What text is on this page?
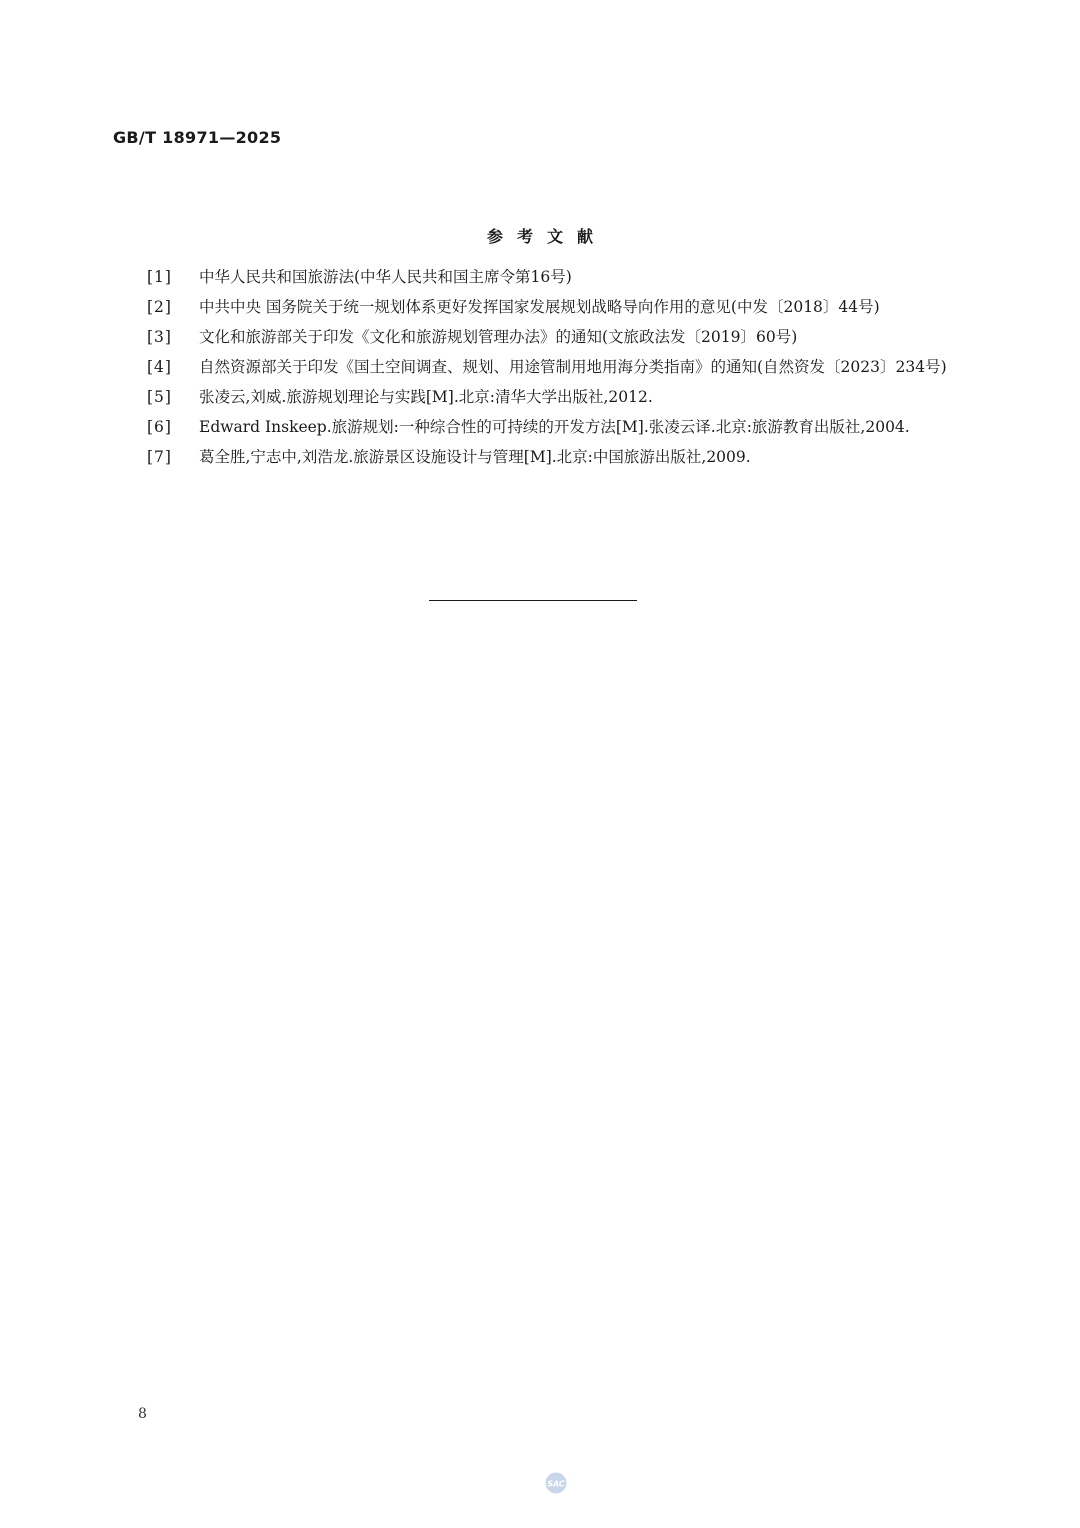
GB/T 18971—2025
参考文献
[1] 中华人民共和国旅游法(中华人民共和国主席令第16号)
[2] 中共中央 国务院关于统一规划体系更好发挥国家发展规划战略导向作用的意见(中发〔2018〕44号)
[3] 文化和旅游部关于印发《文化和旅游规划管理办法》的通知(文旅政法发〔2019〕60号)
[4] 自然资源部关于印发《国土空间调查、规划、用途管制用地用海分类指南》的通知(自然资发〔2023〕234号)
[5] 张凌云,刘威.旅游规划理论与实践[M].北京:清华大学出版社,2012.
[6] Edward Inskeep.旅游规划:一种综合性的可持续的开发方法[M].张凌云译.北京:旅游教育出版社,2004.
[7] 葛全胜,宁志中,刘浩龙.旅游景区设施设计与管理[M].北京:中国旅游出版社,2009.
8
SAC
